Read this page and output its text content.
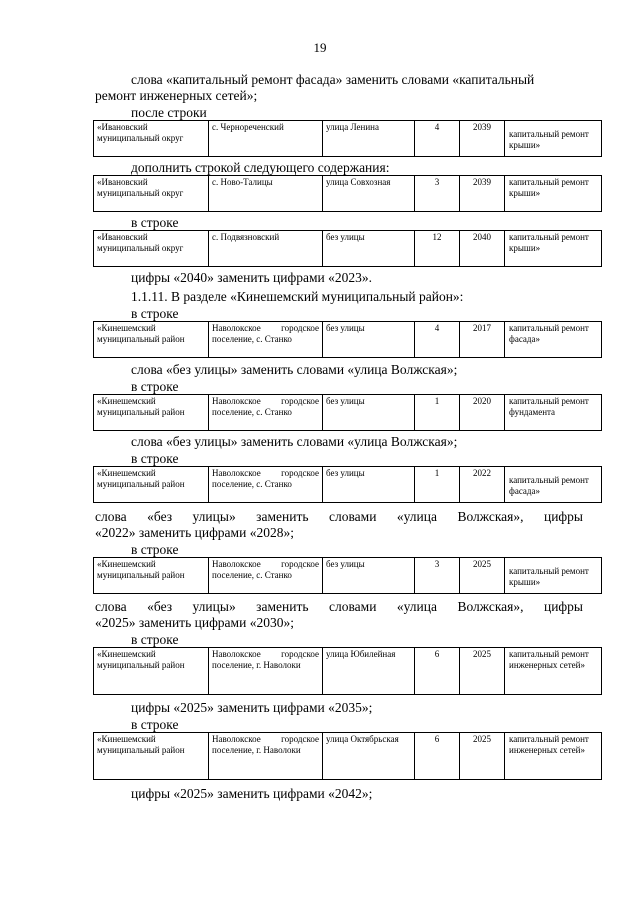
19
слова «капитальный ремонт фасада» заменить словами «капитальный
ремонт инженерных сетей»;
после строки
«Ивановский муниципальный округ	с. Чернореченский	улица Ленина	4	2039	капитальный ремонт крыши»
дополнить строкой следующего содержания:
«Ивановский муниципальный округ	с. Ново-Талицы	улица Совхозная	3	2039	капитальный ремонт крыши»
в строке
«Ивановский муниципальный округ	с. Подвязновский	без улицы	12	2040	капитальный ремонт крыши»
цифры «2040» заменить цифрами «2023».
1.1.11. В разделе «Кинешемский муниципальный район»:
в строке
«Кинешемский муниципальный район	Наволокское городское поселение, с. Станко	без улицы	4	2017	капитальный ремонт фасада»
слова «без улицы» заменить словами «улица Волжская»;
в строке
«Кинешемский муниципальный район	Наволокское городское поселение, с. Станко	без улицы	1	2020	капитальный ремонт фундамента
слова «без улицы» заменить словами «улица Волжская»;
в строке
«Кинешемский муниципальный район	Наволокское городское поселение, с. Станко	без улицы	1	2022	капитальный ремонт фасада»
слова «без улицы» заменить словами «улица Волжская», цифры
«2022» заменить цифрами «2028»;
в строке
«Кинешемский муниципальный район	Наволокское городское поселение, с. Станко	без улицы	3	2025	капитальный ремонт крыши»
слова «без улицы» заменить словами «улица Волжская», цифры
«2025» заменить цифрами «2030»;
в строке
«Кинешемский муниципальный район	Наволокское городское поселение, г. Наволоки	улица Юбилейная	6	2025	капитальный ремонт инженерных сетей»
цифры «2025» заменить цифрами «2035»;
в строке
«Кинешемский муниципальный район	Наволокское городское поселение, г. Наволоки	улица Октябрьская	6	2025	капитальный ремонт инженерных сетей»
цифры «2025» заменить цифрами «2042»;
